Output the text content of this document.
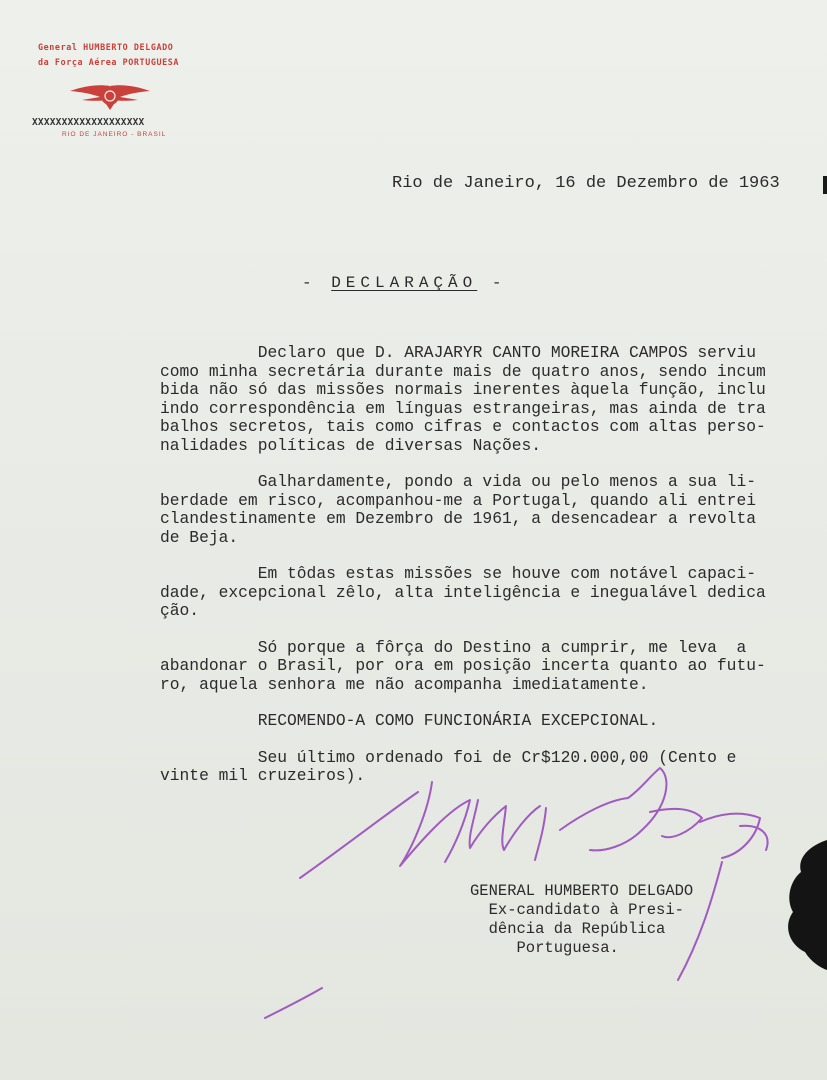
General HUMBERTO DELGADO
da Força Aérea PORTUGUESA
XXXXXXXXXXXXXXXXXXX
RIO DE JANEIRO - BRASIL
Rio de Janeiro, 16 de Dezembro de 1963
- DECLARAÇÃO -

Declaro que D. ARAJARYR CANTO MOREIRA CAMPOS serviu

como minha secretária durante mais de quatro anos, sendo incum

bida não só das missões normais inerentes àquela função, inclu

indo correspondência em línguas estrangeiras, mas ainda de tra

balhos secretos, tais como cifras e contactos com altas perso-

nalidades políticas de diversas Nações.

Galhardamente, pondo a vida ou pelo menos a sua li-

berdade em risco, acompanhou-me a Portugal, quando ali entrei

clandestinamente em Dezembro de 1961, a desencadear a revolta

de Beja.

Em tôdas estas missões se houve com notável capaci-

dade, excepcional zêlo, alta inteligência e inegualável dedica

ção.

Só porque a fôrça do Destino a cumprir, me leva  a

abandonar o Brasil, por ora em posição incerta quanto ao futu-

ro, aquela senhora me não acompanha imediatamente.

RECOMENDO-A COMO FUNCIONÁRIA EXCEPCIONAL.

Seu último ordenado foi de Cr$120.000,00 (Cento e

vinte mil cruzeiros).

GENERAL HUMBERTO DELGADO

Ex-candidato à Presi-

dência da República

Portuguesa.
